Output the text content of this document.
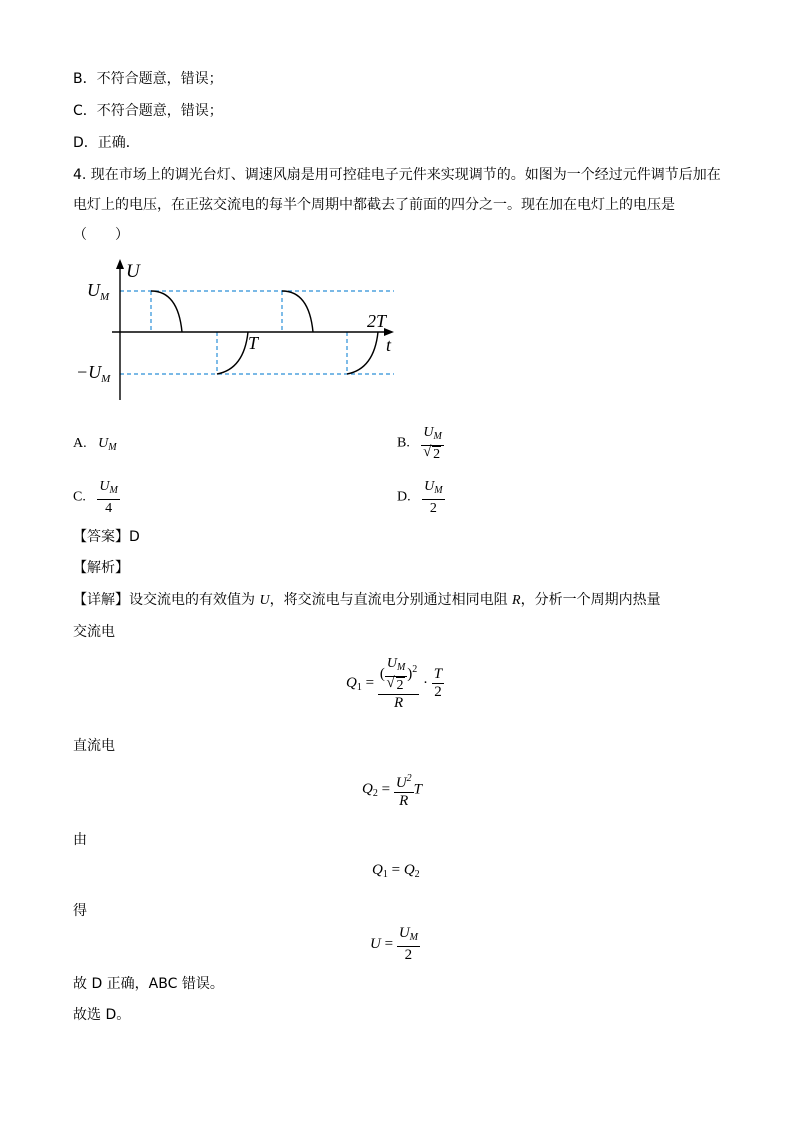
B．不符合题意，错误；
C．不符合题意，错误；
D．正确．
4. 现在市场上的调光台灯、调速风扇是用可控硅电子元件来实现调节的。如图为一个经过元件调节后加在
电灯上的电压，在正弦交流电的每半个周期中都截去了前面的四分之一。现在加在电灯上的电压是
（　　）
U
t
$U_M$
$-U_M$
T
2T
A. $U_M$	B. $U_M$
√ 2
C. $\frac{U_M}{4}$	D. $\frac{U_M}{2}$
【答案】D
【解析】
【详解】设交流电的有效值为 U，将交流电与直流电分别通过相同电阻 R，分析一个周期内热量
交流电
$Q_1$ = ( $U_M$
√ 2 )$^2$
$R \cdot \frac{T}{2}$
直流电
$Q_2 = \frac{U^2}{R}$ T
由
$Q_1 = Q_2$
得
$U = \frac{U_M}{2}$
故 D 正确，ABC 错误。
故选 D。
